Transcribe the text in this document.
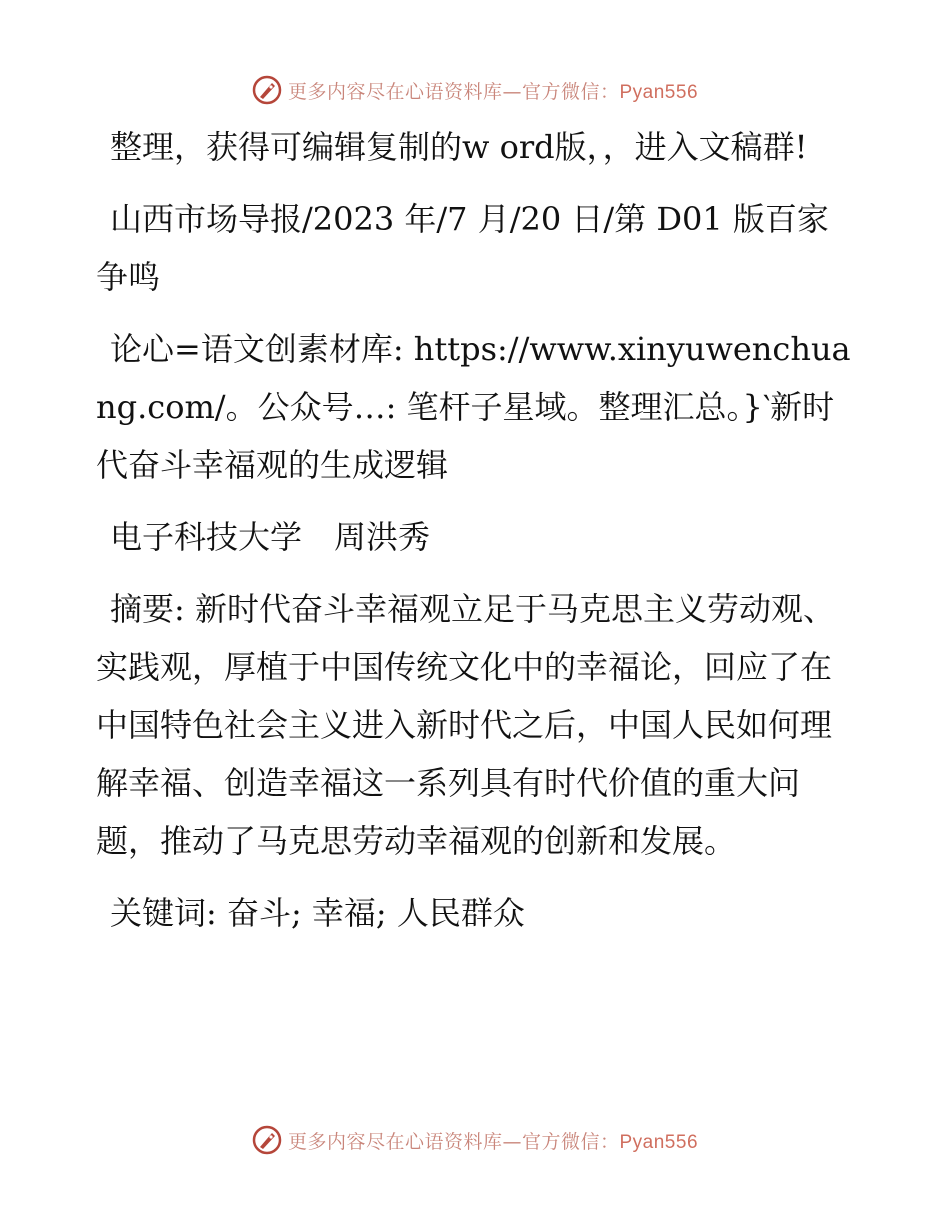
更多内容尽在心语资料库—官方微信：Pyan556

整理，获得可编辑复制的w ord版，，进入文稿群!

山西市场导报/2023 年/7 月/20 日/第 D01 版百家争鸣

论心=语文创素材库: https://www.xinyuwenchuang.com/。公众号…: 笔杆子星域。整理汇总。}‵新时代奋斗幸福观的生成逻辑

电子科技大学　周洪秀

摘要: 新时代奋斗幸福观立足于马克思主义劳动观、实践观，厚植于中国传统文化中的幸福论，回应了在中国特色社会主义进入新时代之后，中国人民如何理解幸福、创造幸福这一系列具有时代价值的重大问题，推动了马克思劳动幸福观的创新和发展。

关键词: 奋斗; 幸福; 人民群众

更多内容尽在心语资料库—官方微信：Pyan556
